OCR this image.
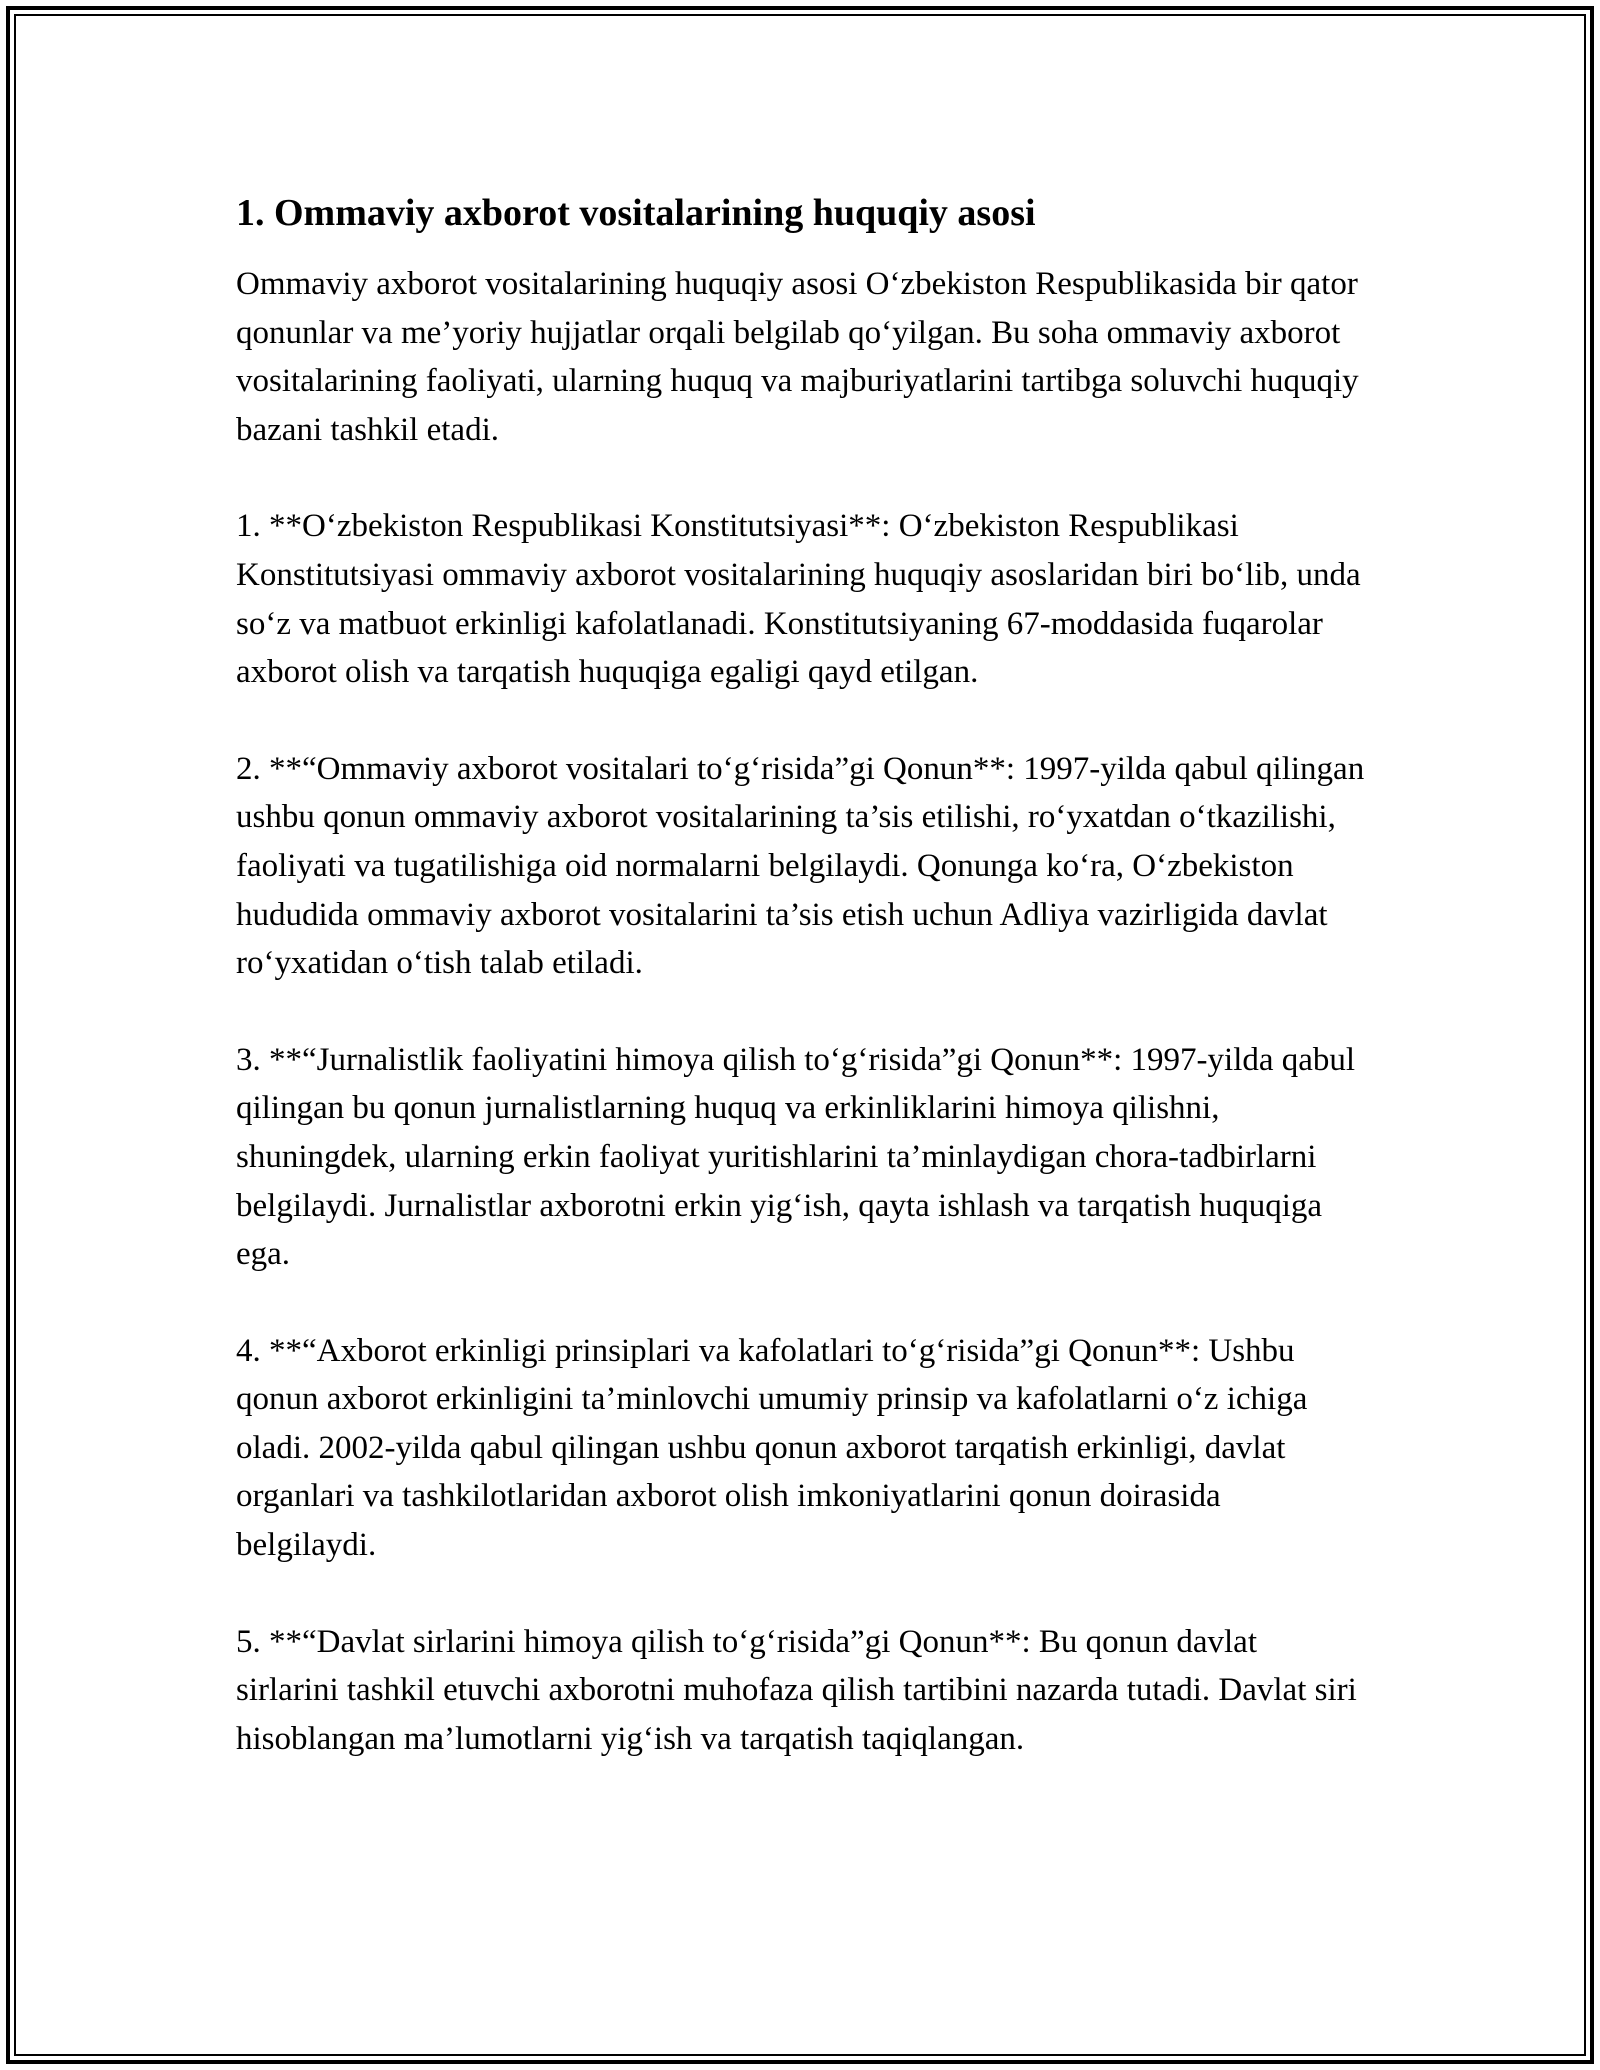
1. Ommaviy axborot vositalarining huquqiy asosi

Ommaviy axborot vositalarining huquqiy asosi O‘zbekiston Respublikasida bir qator qonunlar va me’yoriy hujjatlar orqali belgilab qo‘yilgan. Bu soha ommaviy axborot vositalarining faoliyati, ularning huquq va majburiyatlarini tartibga soluvchi huquqiy bazani tashkil etadi.

1. **O‘zbekiston Respublikasi Konstitutsiyasi**: O‘zbekiston Respublikasi Konstitutsiyasi ommaviy axborot vositalarining huquqiy asoslaridan biri bo‘lib, unda so‘z va matbuot erkinligi kafolatlanadi. Konstitutsiyaning 67-moddasida fuqarolar axborot olish va tarqatish huquqiga egaligi qayd etilgan.

2. **“Ommaviy axborot vositalari to‘g‘risida”gi Qonun**: 1997-yilda qabul qilingan ushbu qonun ommaviy axborot vositalarining ta’sis etilishi, ro‘yxatdan o‘tkazilishi, faoliyati va tugatilishiga oid normalarni belgilaydi. Qonunga ko‘ra, O‘zbekiston hududida ommaviy axborot vositalarini ta’sis etish uchun Adliya vazirligida davlat ro‘yxatidan o‘tish talab etiladi.

3. **“Jurnalistlik faoliyatini himoya qilish to‘g‘risida”gi Qonun**: 1997-yilda qabul qilingan bu qonun jurnalistlarning huquq va erkinliklarini himoya qilishni, shuningdek, ularning erkin faoliyat yuritishlarini ta’minlaydigan chora-tadbirlarni belgilaydi. Jurnalistlar axborotni erkin yig‘ish, qayta ishlash va tarqatish huquqiga ega.

4. **“Axborot erkinligi prinsiplari va kafolatlari to‘g‘risida”gi Qonun**: Ushbu qonun axborot erkinligini ta’minlovchi umumiy prinsip va kafolatlarni o‘z ichiga oladi. 2002-yilda qabul qilingan ushbu qonun axborot tarqatish erkinligi, davlat organlari va tashkilotlaridan axborot olish imkoniyatlarini qonun doirasida belgilaydi.

5. **“Davlat sirlarini himoya qilish to‘g‘risida”gi Qonun**: Bu qonun davlat sirlarini tashkil etuvchi axborotni muhofaza qilish tartibini nazarda tutadi. Davlat siri hisoblangan ma’lumotlarni yig‘ish va tarqatish taqiqlangan.
